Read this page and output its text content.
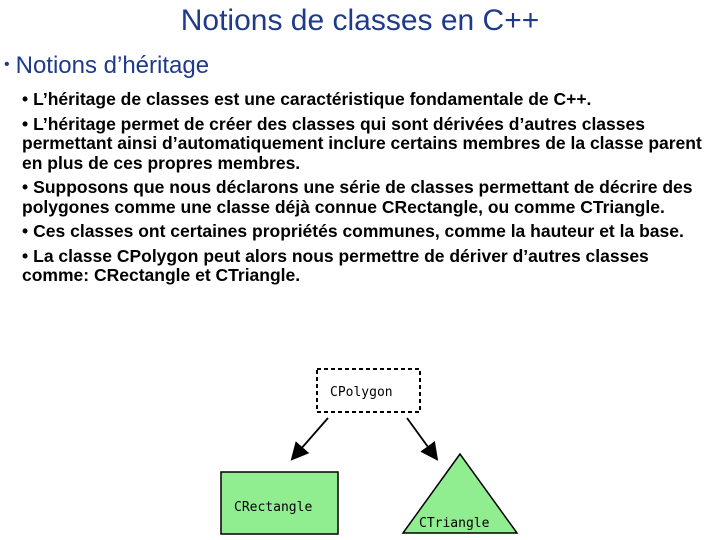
Notions de classes en C++
• Notions d’héritage
• L’héritage de classes est une caractéristique fondamentale de C++.
• L’héritage permet de créer des classes qui sont dérivées d’autres classes permettant ainsi d’automatiquement inclure certains membres de la classe parent en plus de ces propres membres.
• Supposons que nous déclarons une série de classes permettant de décrire des polygones comme une classe déjà connue CRectangle, ou comme CTriangle.
• Ces classes ont certaines propriétés communes, comme la hauteur et la base.
• La classe CPolygon peut alors nous permettre de dériver d’autres classes comme: CRectangle et CTriangle.
CPolygon
CRectangle
CTriangle
